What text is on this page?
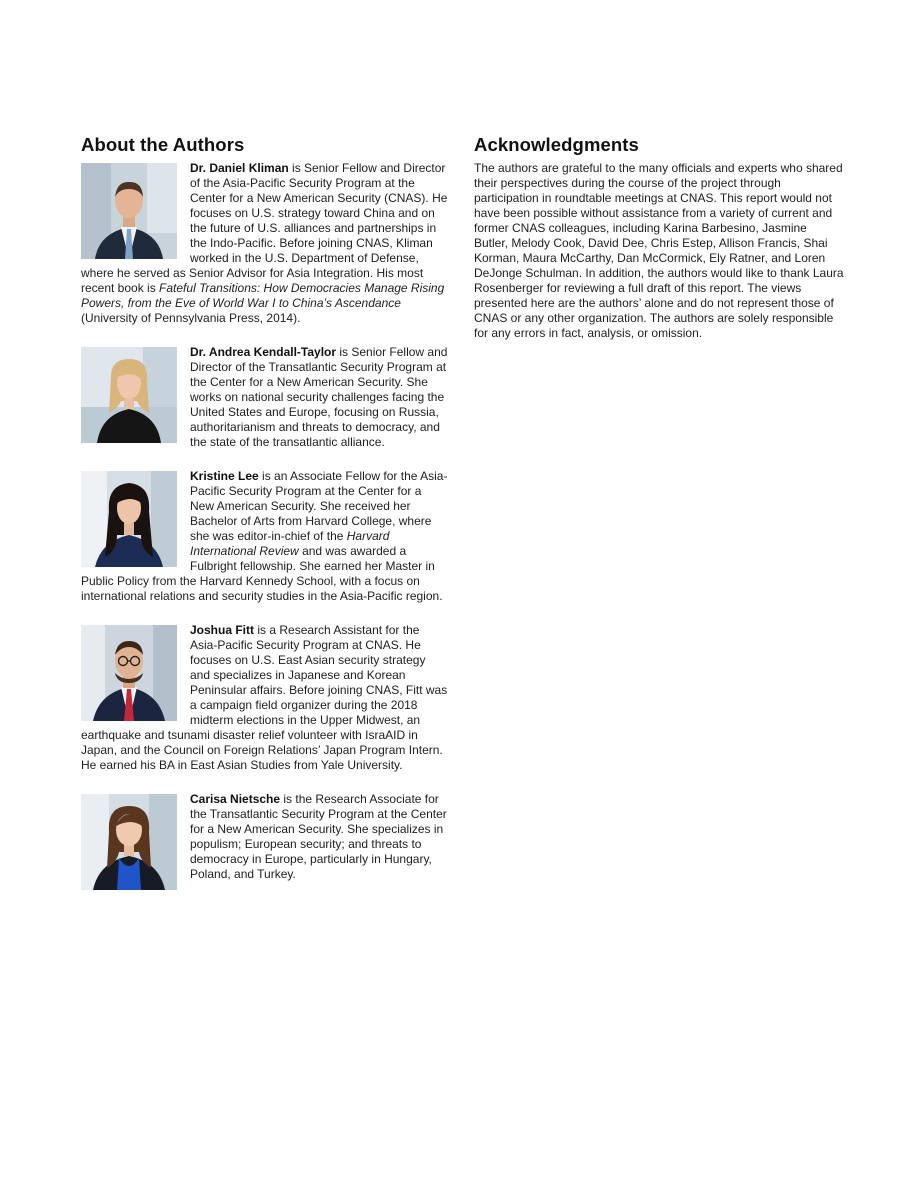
About the Authors

Dr. Daniel Kliman is Senior Fellow and Director of the Asia-Pacific Security Program at the Center for a New American Security (CNAS). He focuses on U.S. strategy toward China and on the future of U.S. alliances and partnerships in the Indo-Pacific. Before joining CNAS, Kliman worked in the U.S. Department of Defense, where he served as Senior Advisor for Asia Integration. His most recent book is Fateful Transitions: How Democracies Manage Rising Powers, from the Eve of World War I to China’s Ascendance (University of Pennsylvania Press, 2014).

Dr. Andrea Kendall-Taylor is Senior Fellow and Director of the Transatlantic Security Program at the Center for a New American Security. She works on national security challenges facing the United States and Europe, focusing on Russia, authoritarianism and threats to democracy, and the state of the transatlantic alliance.

Kristine Lee is an Associate Fellow for the Asia-Pacific Security Program at the Center for a New American Security. She received her Bachelor of Arts from Harvard College, where she was editor-in-chief of the Harvard International Review and was awarded a Fulbright fellowship. She earned her Master in Public Policy from the Harvard Kennedy School, with a focus on international relations and security studies in the Asia-Pacific region.

Joshua Fitt is a Research Assistant for the Asia-Pacific Security Program at CNAS. He focuses on U.S. East Asian security strategy and specializes in Japanese and Korean Peninsular affairs. Before joining CNAS, Fitt was a campaign field organizer during the 2018 midterm elections in the Upper Midwest, an earthquake and tsunami disaster relief volunteer with IsraAID in Japan, and the Council on Foreign Relations’ Japan Program Intern. He earned his BA in East Asian Studies from Yale University.

Carisa Nietsche is the Research Associate for the Transatlantic Security Program at the Center for a New American Security. She specializes in populism; European security; and threats to democracy in Europe, particularly in Hungary, Poland, and Turkey.

Acknowledgments

The authors are grateful to the many officials and experts who shared their perspectives during the course of the project through participation in roundtable meetings at CNAS. This report would not have been possible without assistance from a variety of current and former CNAS colleagues, including Karina Barbesino, Jasmine Butler, Melody Cook, David Dee, Chris Estep, Allison Francis, Shai Korman, Maura McCarthy, Dan McCormick, Ely Ratner, and Loren DeJonge Schulman. In addition, the authors would like to thank Laura Rosenberger for reviewing a full draft of this report. The views presented here are the authors’ alone and do not represent those of CNAS or any other organization. The authors are solely responsible for any errors in fact, analysis, or omission.
